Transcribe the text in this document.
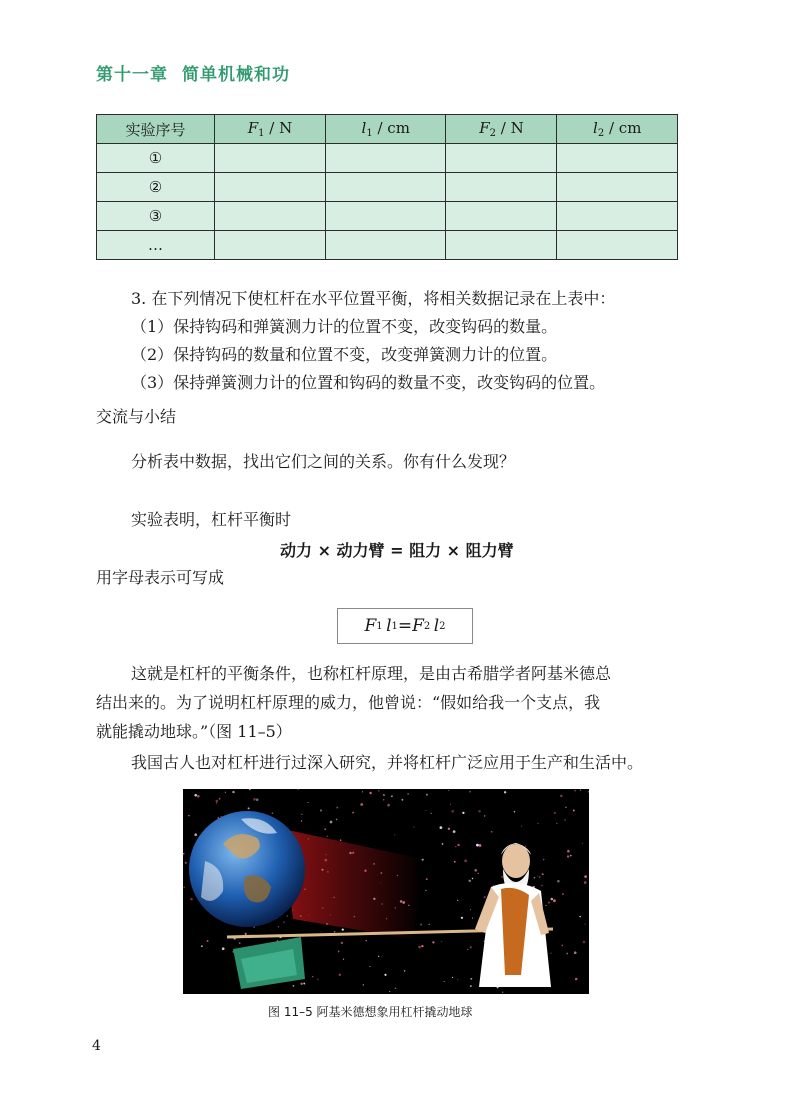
第十一章 简单机械和功
实验序号	$F_1$ / N	$l_1$ / cm	$F_2$ / N	$l_2$ / cm
①				
②				
③				
…				
3. 在下列情况下使杠杆在水平位置平衡，将相关数据记录在上表中：
（1）保持钩码和弹簧测力计的位置不变，改变钩码的数量。
（2）保持钩码的数量和位置不变，改变弹簧测力计的位置。
（3）保持弹簧测力计的位置和钩码的数量不变，改变钩码的位置。
交流与小结
分析表中数据，找出它们之间的关系。你有什么发现？
实验表明，杠杆平衡时
动力 × 动力臂 = 阻力 × 阻力臂
用字母表示可写成
F 1
  l 1 = F 2
  l 2
这就是杠杆的平衡条件，也称杠杆原理，是由古希腊学者阿基米德总
结出来的。为了说明杠杆原理的威力，他曾说：“假如给我一个支点，我
就能撬动地球。”（图 11–5）
我国古人也对杠杆进行过深入研究，并将杠杆广泛应用于生产和生活中。
图 11–5 阿基米德想象用杠杆撬动地球
4
